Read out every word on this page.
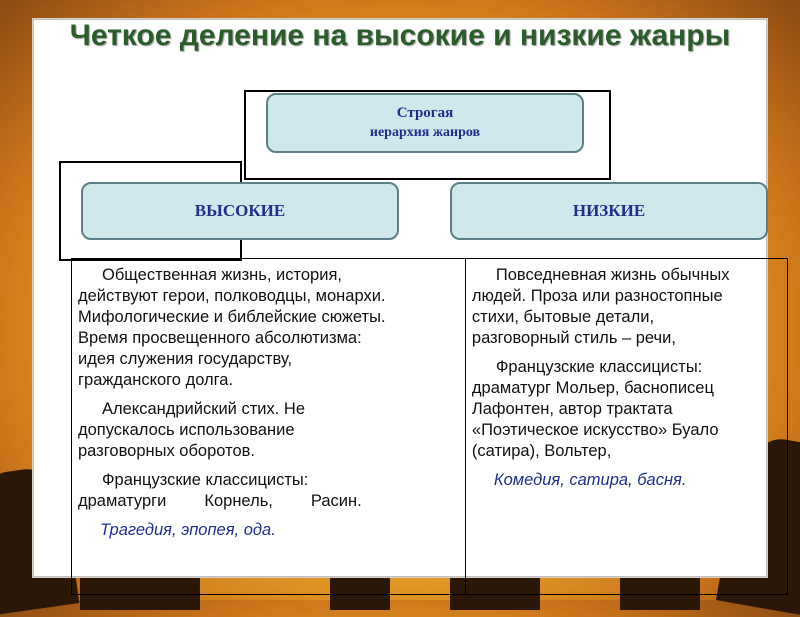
Строгая
иерархия жанров
ВЫСОКИЕ	НИЗКИЕ

Общественная жизнь, история,
действуют герои, полководцы, монархи.
Мифологические и библейские сюжеты.
Время просвещенного абсолютизма:
идея служения государству,
гражданского долга.

Александрийский стих. Не
допускалось использование
разговорных оборотов.

Французские классицисты:
драматурги Корнель, Расин.

Трагедия, эпопея, ода.

Повседневная жизнь обычных
людей. Проза или разностопные
стихи, бытовые детали,
разговорный стиль – речи,

Французские классицисты:
драматург Мольер, баснописец
Лафонтен, автор трактата
«Поэтическое искусство» Буало
(сатира), Вольтер,

Комедия, сатира, басня.

Четкое деление на высокие и низкие жанры
